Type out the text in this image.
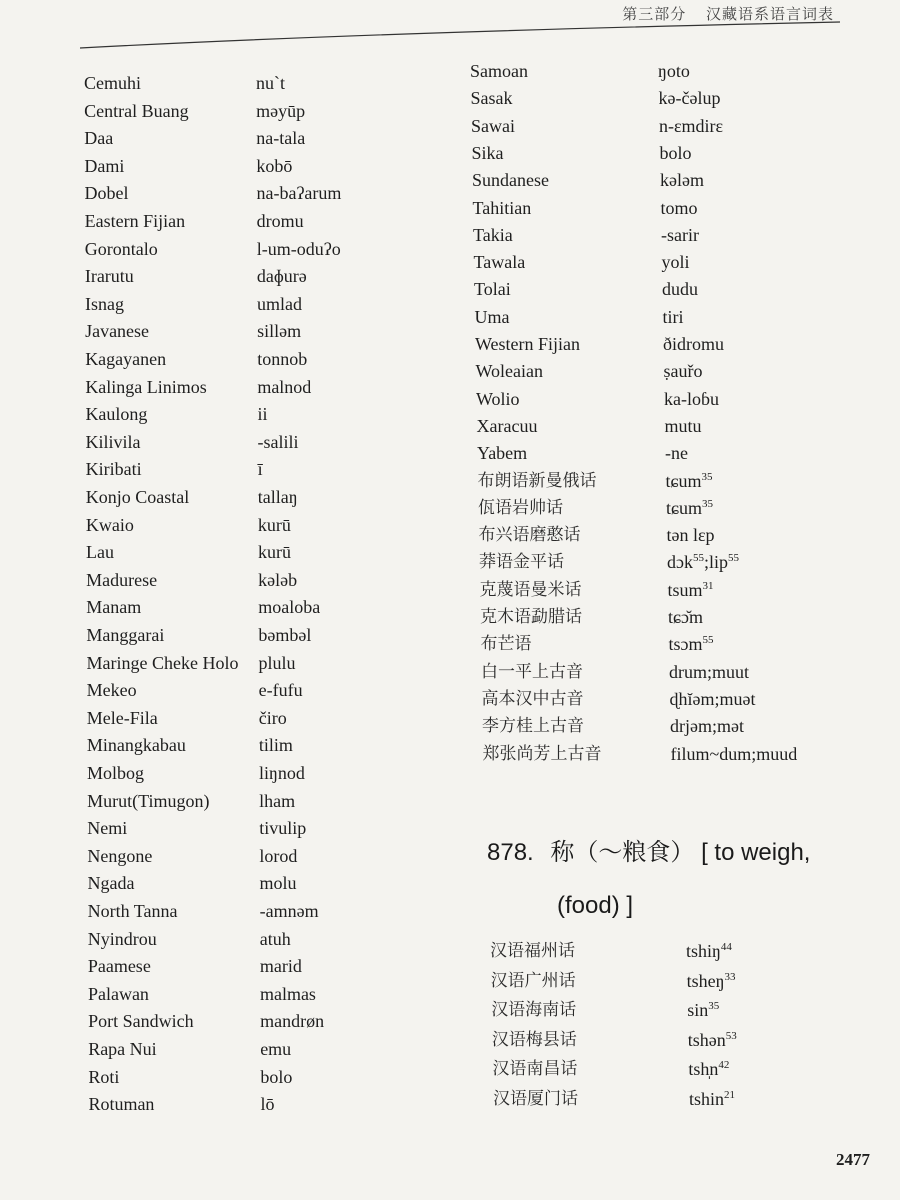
第三部分 汉藏语系语言词表
Cemuhi	nu`t
Central Buang	məyūp
Daa	na-tala
Dami	kobō
Dobel	na-baʔarum
Eastern Fijian	dromu
Gorontalo	l-um-oduʔo
Irarutu	daɸurə
Isnag	umlad
Javanese	silləm
Kagayanen	tonnob
Kalinga Linimos	malnod
Kaulong	ii
Kilivila	-salili
Kiribati	ī
Konjo Coastal	tallaŋ
Kwaio	kurū
Lau	kurū
Madurese	kələb
Manam	moaloba
Manggarai	bəmbəl
Maringe Cheke Holo plulu
Mekeo	e-fufu
Mele-Fila	čiro
Minangkabau	tilim
Molbog	liŋnod
Murut(Timugon)	lham
Nemi	tivulip
Nengone	lorod
Ngada	molu
North Tanna	-amnəm
Nyindrou	atuh
Paamese	marid
Palawan	malmas
Port Sandwich	mandrøn
Rapa Nui	emu
Roti	bolo
Rotuman	lō
Samoan	ŋoto
Sasak	kə-čəlup
Sawai	n-ɛmdirɛ
Sika	bolo
Sundanese	kələm
Tahitian	tomo
Takia	-sarir
Tawala	yoli
Tolai	dudu
Uma	tiri
Western Fijian	ðidromu
Woleaian	ṣauřo
Wolio	ka-loɓu
Xaracuu	mutu
Yabem	-ne
布朗语新曼俄话	tɕum$^{35}$
佤语岩帅话	tɕum$^{35}$
布兴语磨憨话	tən lɛp
莽语金平话	dɔk$^{55}$;lip$^{55}$
克蔑语曼米话	tsum$^{31}$
克木语勐腊话	tɕɔ̆m
布芒语	tsɔm$^{55}$
白一平上古音	drum;muut
高本汉中古音	ɖhĭəm;muət
李方桂上古音	drjəm;mət
郑张尚芳上古音	filum~dum;muud
878. 称（～粮食） [ to weigh,
(food) ]
汉语福州话	tshiŋ$^{44}$
汉语广州话	tsheŋ$^{33}$
汉语海南话	$\sin^{35}$
汉语梅县话	tshən$^{53}$
汉语南昌话	$tsh̩n^{42}$
汉语厦门话	tshin$^{21}$
2477
